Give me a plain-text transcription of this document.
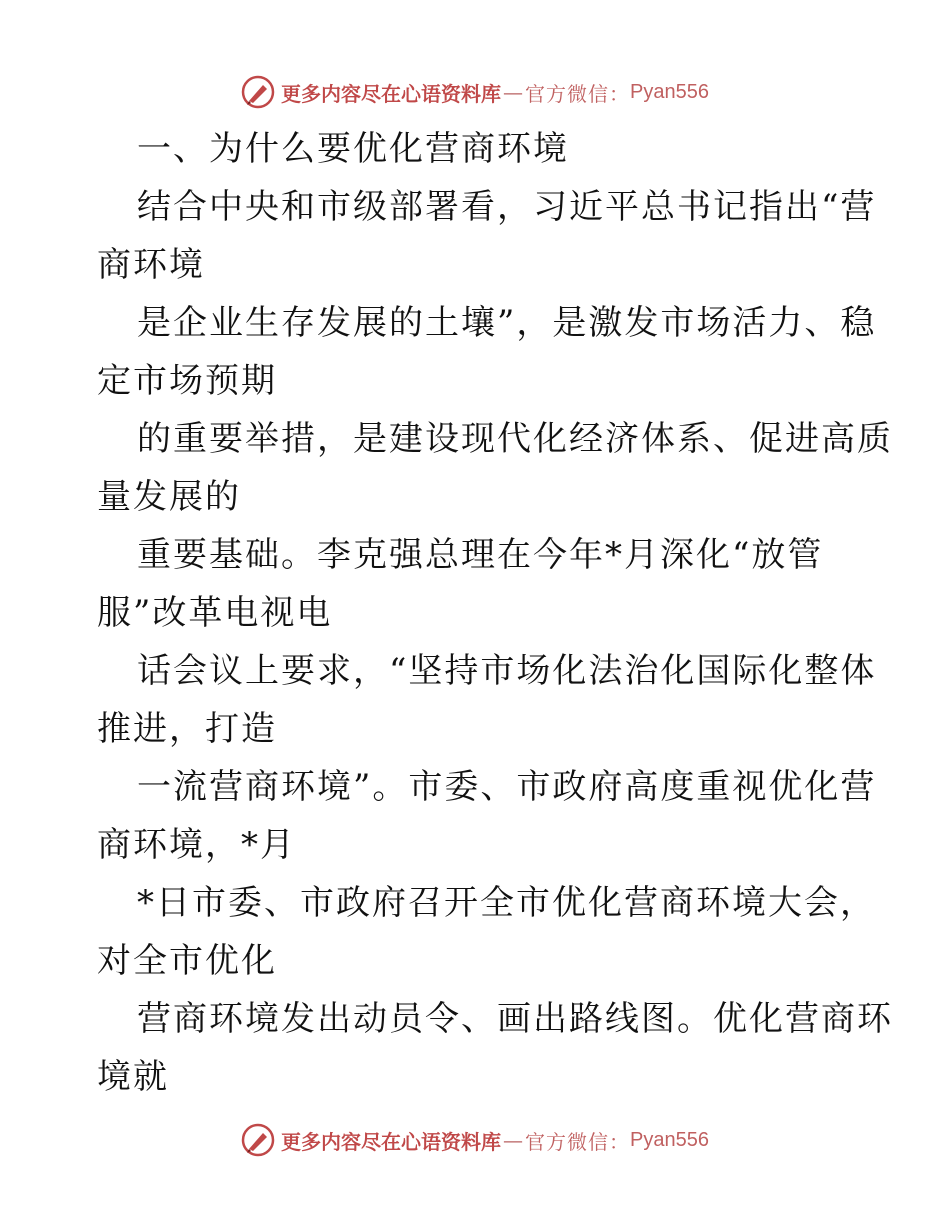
更多内容尽在心语资料库 — 官方微信： Pyan556
一、为什么要优化营商环境
结合中央和市级部署看，习近平总书记指出“营
商环境
是企业生存发展的土壤”，是激发市场活力、稳
定市场预期
的重要举措，是建设现代化经济体系、促进高质
量发展的
重要基础。李克强总理在今年*月深化“放管
服”改革电视电
话会议上要求，“坚持市场化法治化国际化整体
推进，打造
一流营商环境”。市委、市政府高度重视优化营
商环境，*月
*日市委、市政府召开全市优化营商环境大会，
对全市优化
营商环境发出动员令、画出路线图。优化营商环
境就
更多内容尽在心语资料库 — 官方微信： Pyan556
